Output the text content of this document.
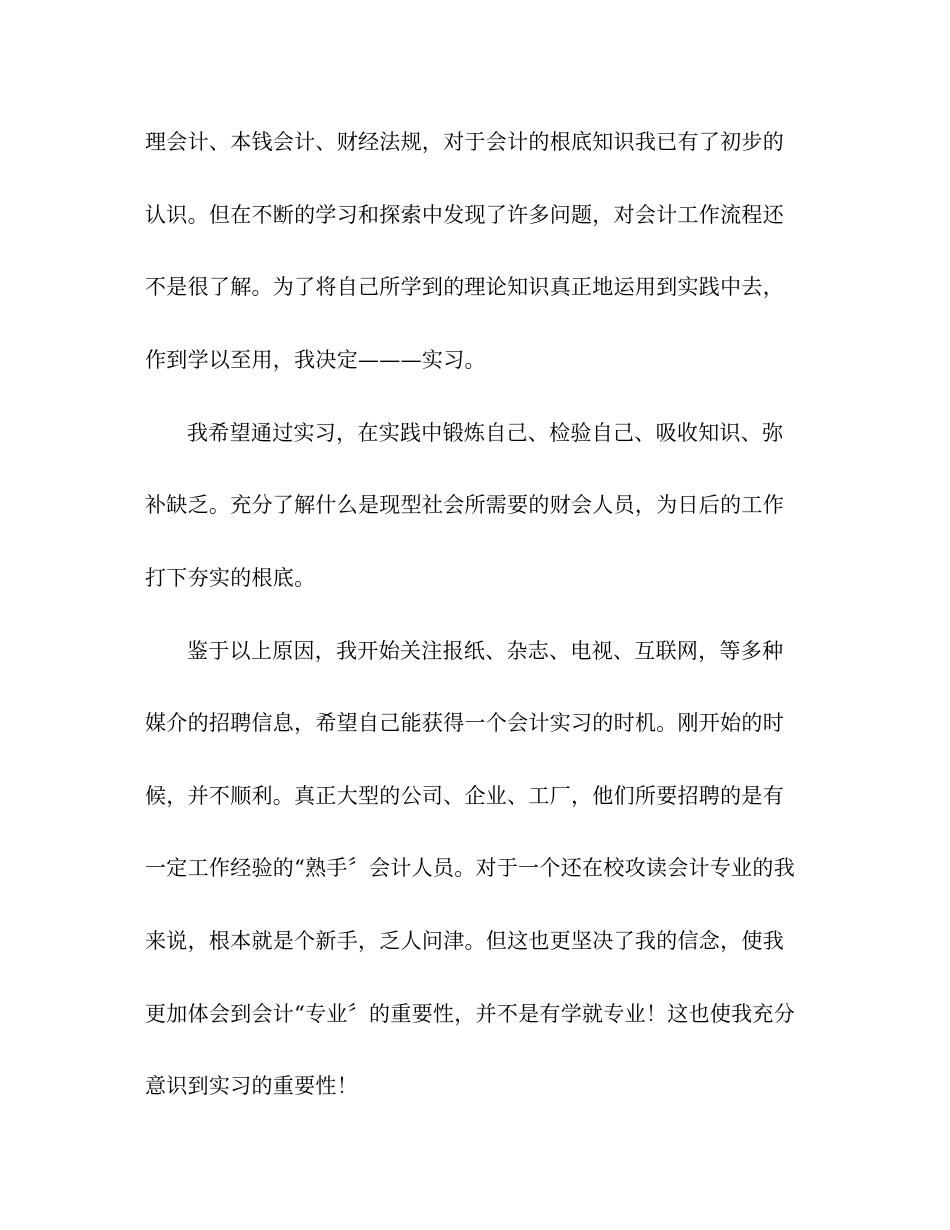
理会计、本钱会计、财经法规，对于会计的根底知识我已有了初步的
认识。但在不断的学习和探索中发现了许多问题，对会计工作流程还
不是很了解。为了将自己所学到的理论知识真正地运用到实践中去，
作到学以至用，我决定———实习。
我希望通过实习，在实践中锻炼自己、检验自己、吸收知识、弥
补缺乏。充分了解什么是现型社会所需要的财会人员，为日后的工作
打下夯实的根底。
鉴于以上原因，我开始关注报纸、杂志、电视、互联网，等多种
媒介的招聘信息，希望自己能获得一个会计实习的时机。刚开始的时
候，并不顺利。真正大型的公司、企业、工厂，他们所要招聘的是有
一定工作经验的“熟手〞会计人员。对于一个还在校攻读会计专业的我
来说，根本就是个新手，乏人问津。但这也更坚决了我的信念，使我
更加体会到会计“专业〞的重要性，并不是有学就专业！这也使我充分
意识到实习的重要性！
